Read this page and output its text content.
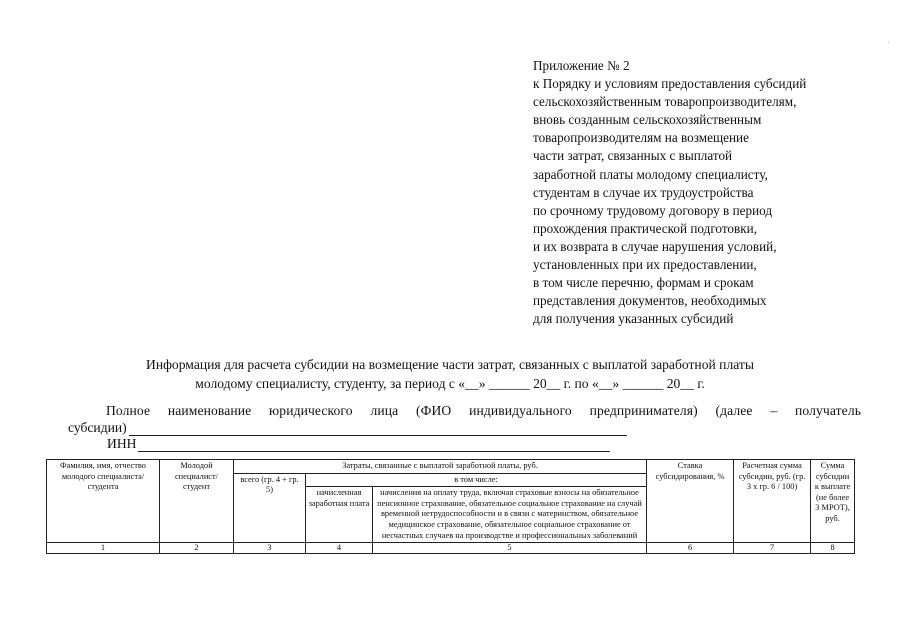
Приложение № 2
к Порядку и условиям предоставления субсидий
сельскохозяйственным товаропроизводителям,
вновь созданным сельскохозяйственным
товаропроизводителям на возмещение
части затрат, связанных с выплатой
заработной платы молодому специалисту,
студентам в случае их трудоустройства
по срочному трудовому договору в период
прохождения практической подготовки,
и их возврата в случае нарушения условий,
установленных при их предоставлении,
в том числе перечню, формам и срокам
представления документов, необходимых
для получения указанных субсидий
Информация для расчета субсидии на возмещение части затрат, связанных с выплатой заработной платы
молодому специалисту, студенту, за период с «__» ______ 20__ г. по «__» ______ 20__ г.
Полное наименование юридического лица (ФИО индивидуального предпринимателя) (далее – получатель
субсидии)
ИНН
Фамилия, имя, отчество молодого специалиста/ студента	Молодой специалист/ студент	Затраты, связанные с выплатой заработной платы, руб.			Ставка субсидирования, %	Расчетная сумма субсидии, руб. (гр. 3 х гр. 6 / 100)	Сумма субсидии к выплате (не более 3 МРОТ), руб.
		всего (гр. 4 + гр. 5)	в том числе:				
			начисленная заработная плата	начисления на оплату труда, включая страховые взносы на обязательное пенсионное страхование, обязательное социальное страхование на случай временной нетрудоспособности и в связи с материнством, обязательное медицинское страхование, обязательное социальное страхование от несчастных случаев на производстве и профессиональных заболеваний			
1	2	3	4	5	6	7	8
